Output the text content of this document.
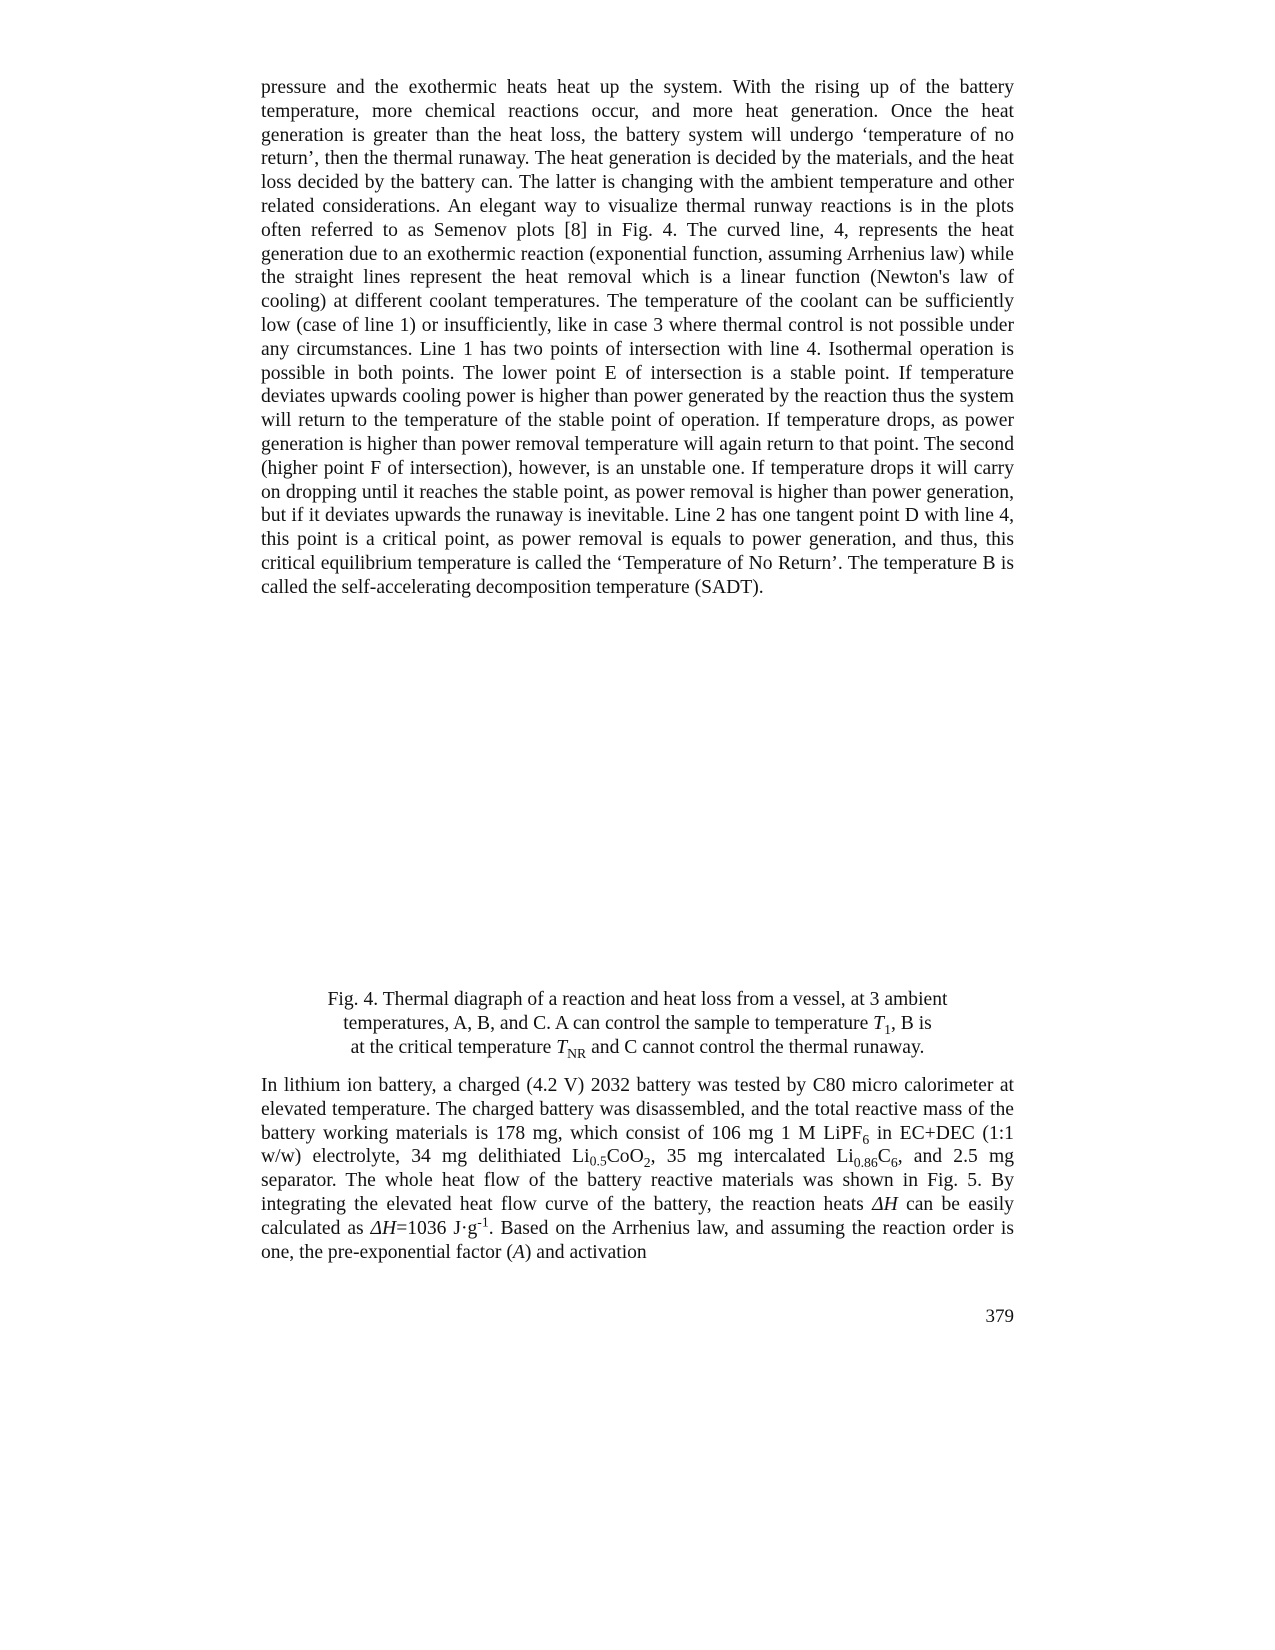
pressure and the exothermic heats heat up the system. With the rising up of the battery temperature, more chemical reactions occur, and more heat generation. Once the heat generation is greater than the heat loss, the battery system will undergo ‘temperature of no return’, then the thermal runaway. The heat generation is decided by the materials, and the heat loss decided by the battery can. The latter is changing with the ambient temperature and other related considerations. An elegant way to visualize thermal runway reactions is in the plots often referred to as Semenov plots [8] in Fig. 4. The curved line, 4, represents the heat generation due to an exothermic reaction (exponential function, assuming Arrhenius law) while the straight lines represent the heat removal which is a linear function (Newton's law of cooling) at different coolant temperatures. The temperature of the coolant can be sufficiently low (case of line 1) or insufficiently, like in case 3 where thermal control is not possible under any circumstances. Line 1 has two points of intersection with line 4. Isothermal operation is possible in both points. The lower point E of intersection is a stable point. If temperature deviates upwards cooling power is higher than power generated by the reaction thus the system will return to the temperature of the stable point of operation. If temperature drops, as power generation is higher than power removal temperature will again return to that point. The second (higher point F of intersection), however, is an unstable one. If temperature drops it will carry on dropping until it reaches the stable point, as power removal is higher than power generation, but if it deviates upwards the runaway is inevitable. Line 2 has one tangent point D with line 4, this point is a critical point, as power removal is equals to power generation, and thus, this critical equilibrium temperature is called the ‘Temperature of No Return’. The temperature B is called the self-accelerating decomposition temperature (SADT).

Fig. 4. Thermal diagraph of a reaction and heat loss from a vessel, at 3 ambient
temperatures, A, B, and C. A can control the sample to temperature $T_1$, B is
at the critical temperature $T_{NR}$ and C cannot control the thermal runaway.

In lithium ion battery, a charged (4.2 V) 2032 battery was tested by C80 micro calorimeter at elevated temperature. The charged battery was disassembled, and the total reactive mass of the battery working materials is 178 mg, which consist of 106 mg 1 M LiPF$_6$ in EC+DEC (1:1 w/w) electrolyte, 34 mg delithiated Li0.5CoO$_2$, 35 mg intercalated $Li_{0.86}C_6$, and 2.5 mg separator. The whole heat flow of the battery reactive materials was shown in Fig. 5. By integrating the elevated heat flow curve of the battery, the reaction heats ΔH can be easily calculated as ΔH=1036 $J\cdot g^{-1}$. Based on the Arrhenius law, and assuming the reaction order is one, the pre-exponential factor (A) and activation

379
